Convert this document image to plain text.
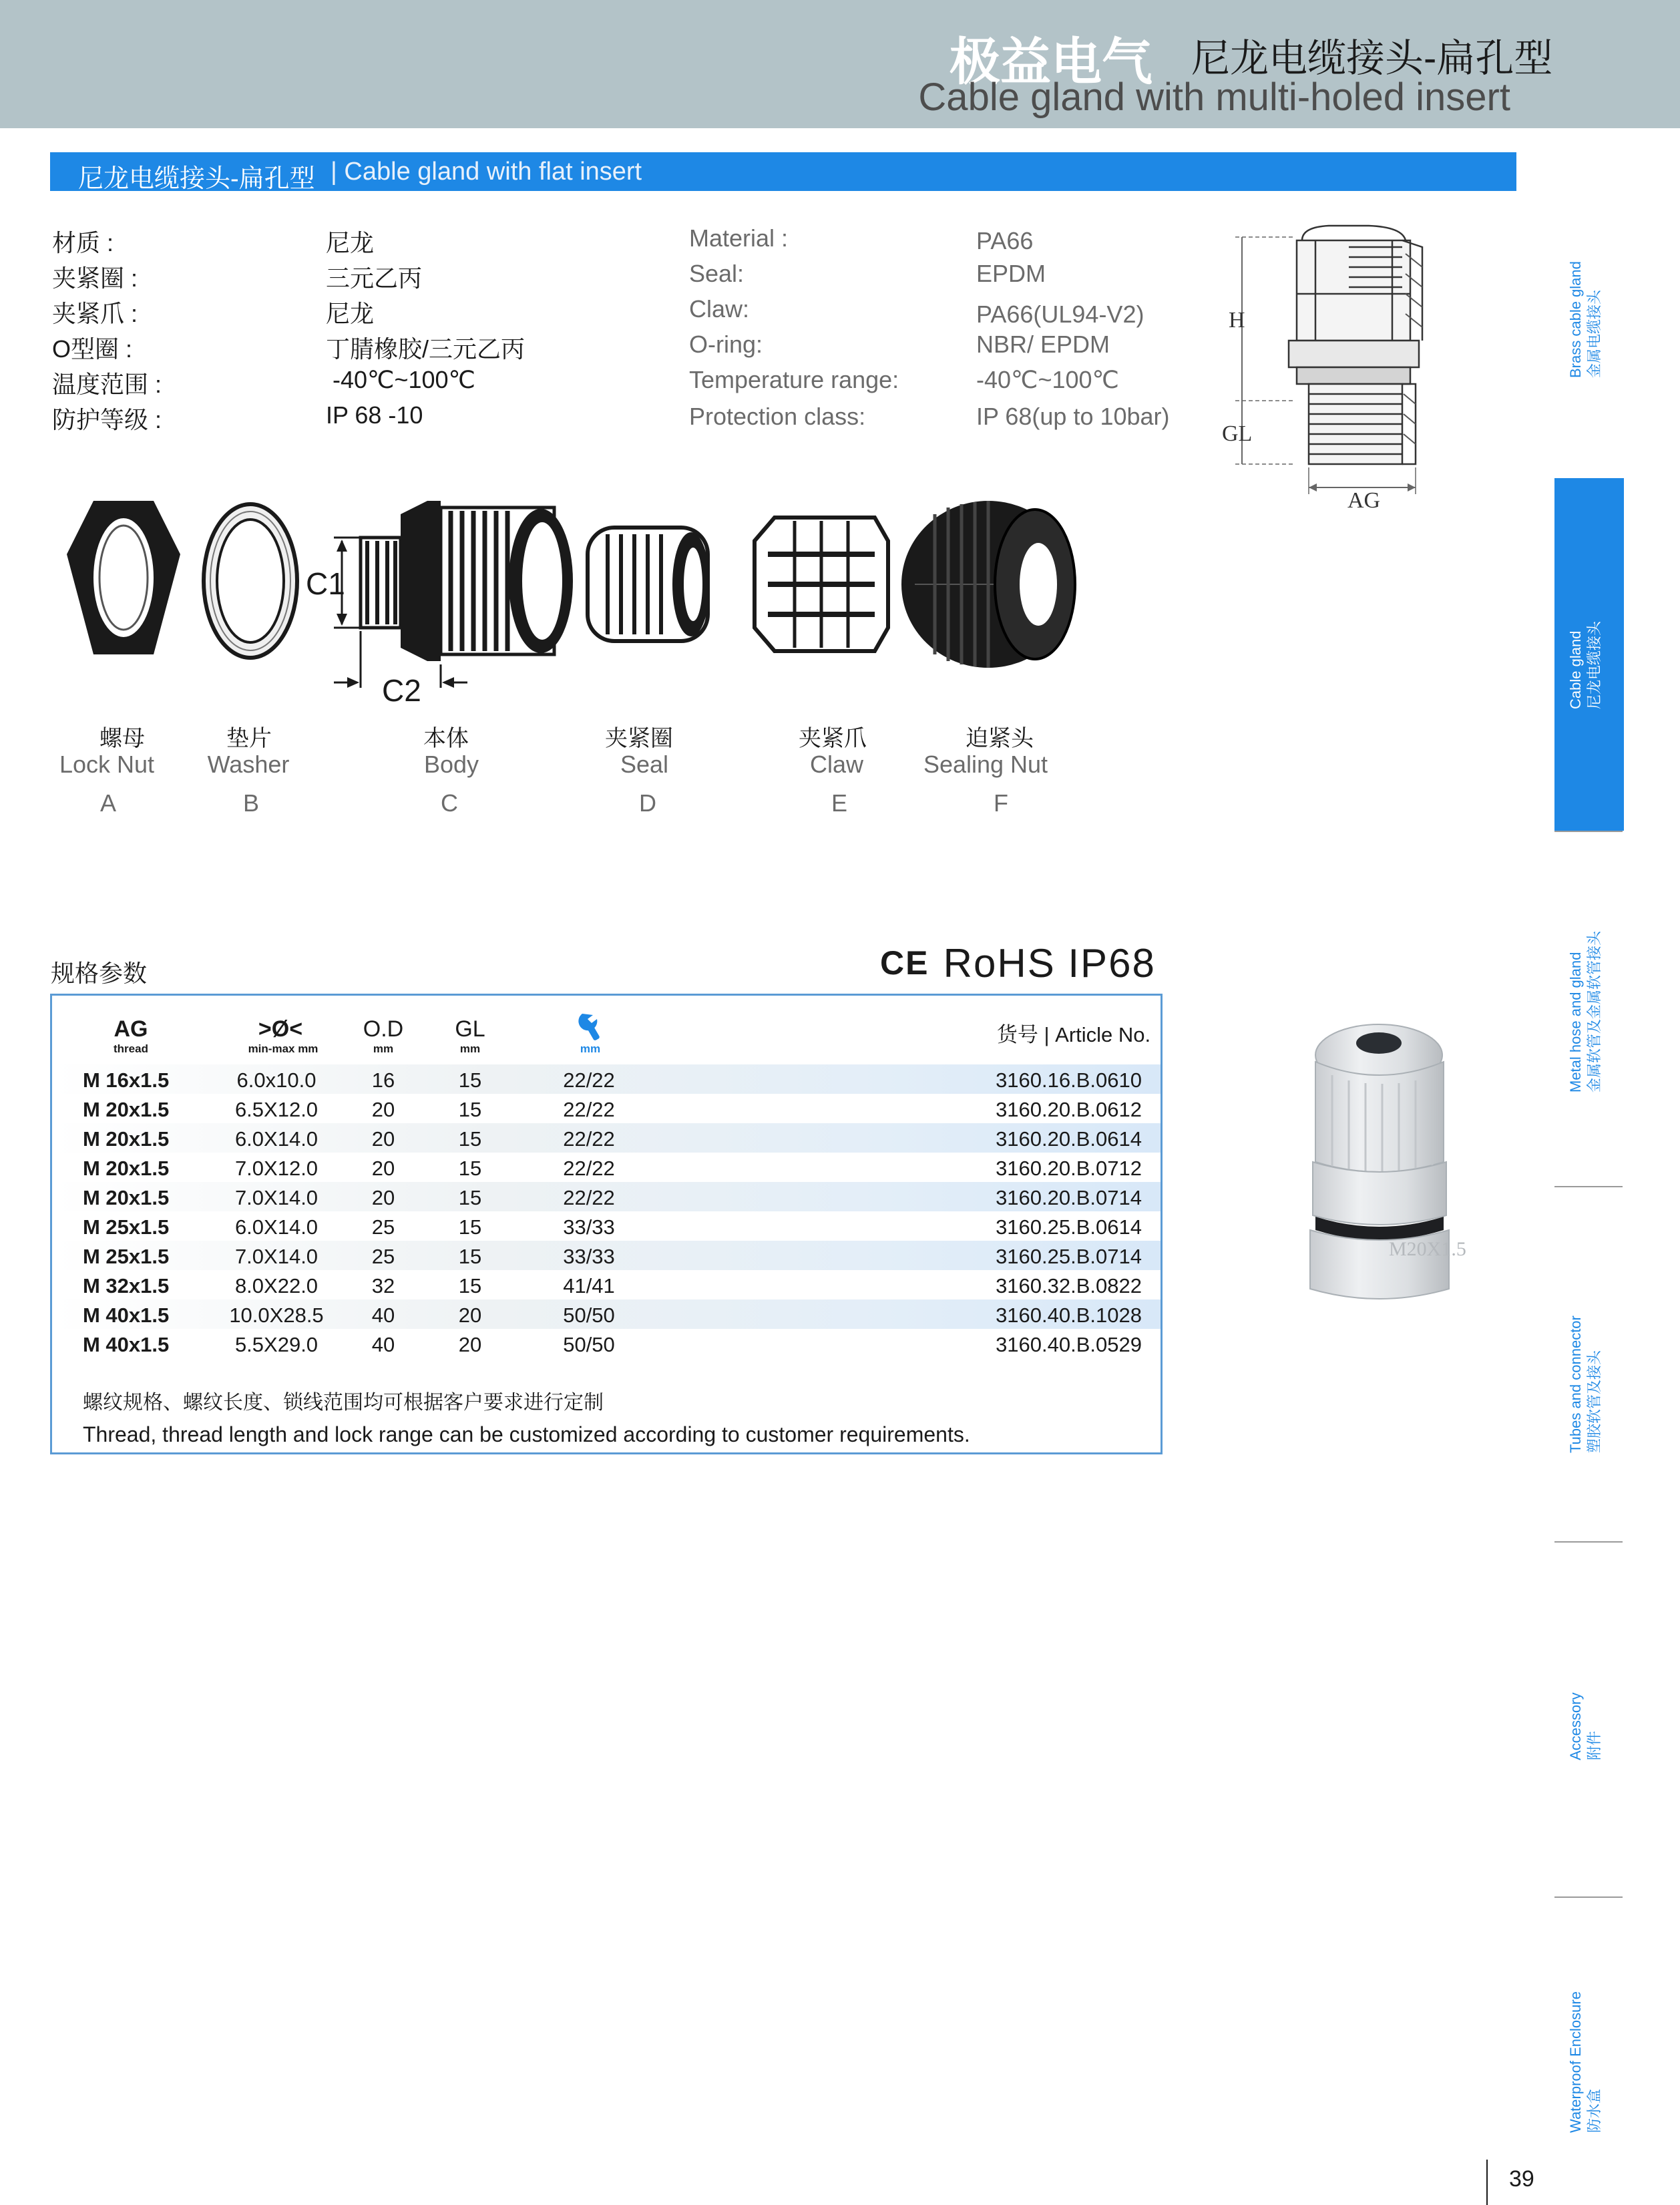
极益电气 尼龙电缆接头-扁孔型
Cable gland with multi-holed insert
尼龙电缆接头-扁孔型 | Cable gland with flat insert
材质 :	尼龙
夹紧圈 :	三元乙丙
夹紧爪 :	尼龙
O型圈 :	丁腈橡胶/三元乙丙
温度范围 :	-40℃~100℃
防护等级 :	IP 68 -10
Material :	PA66
Seal:	EPDM
Claw:	PA66(UL94-V2)
O-ring:	NBR/ EPDM
Temperature range:	-40℃~100℃
Protection class:	IP 68(up to 10bar)
H
GL
AG
C1
C2
螺母
Lock Nut
A
垫片
Washer
B
本体
Body
C
夹紧圈
Seal
D
夹紧爪
Claw
E
迫紧头
Sealing Nut
F
规格参数	CE RoHS IP68
AG
thread
>Ø<
min-max mm
O.D
mm
GL
mm	mm
货号 | Article No.
M 16x1.5	6.0x10.0	16	15	22/22	3160.16.B.0610
M 20x1.5	6.5X12.0	20	15	22/22	3160.20.B.0612
M 20x1.5	6.0X14.0	20	15	22/22	3160.20.B.0614
M 20x1.5	7.0X12.0	20	15	22/22	3160.20.B.0712
M 20x1.5	7.0X14.0	20	15	22/22	3160.20.B.0714
M 25x1.5	6.0X14.0	25	15	33/33	3160.25.B.0614
M 25x1.5	7.0X14.0	25	15	33/33	3160.25.B.0714
M 32x1.5	8.0X22.0	32	15	41/41	3160.32.B.0822
M 40x1.5	10.0X28.5 40	20	50/50	3160.40.B.1028
M 40x1.5	5.5X29.0	40	20	50/50	3160.40.B.0529
螺纹规格、螺纹长度、锁线范围均可根据客户要求进行定制
Thread, thread length and lock range can be customized according to customer requirements.
M20X1.5
Brass cable gland 金属电缆接头
Cable gland 尼龙电缆接头
Metal hose and gland 金属软管及金属软管接头
Tubes and connector 塑胶软管及接头
Accessory 附件
Waterproof Enclosure 防水盒
39
